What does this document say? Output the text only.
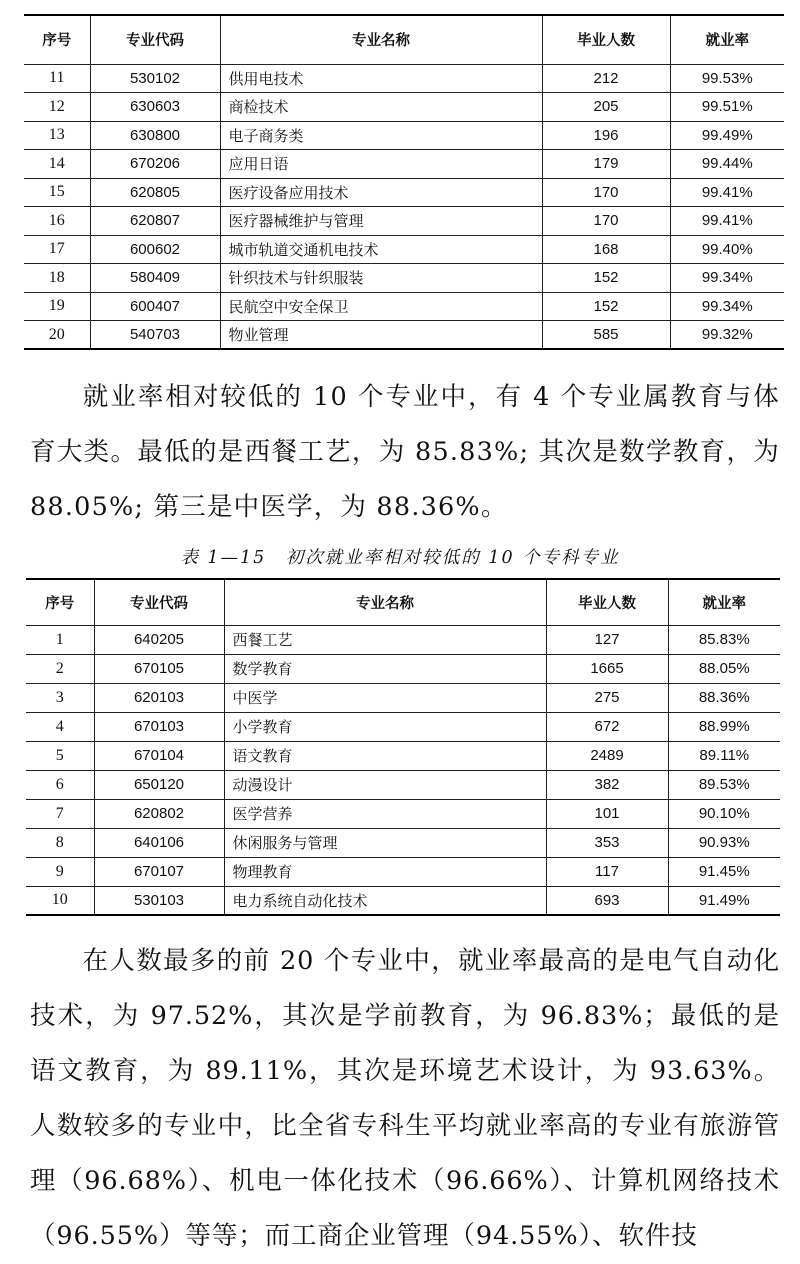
序号	专业代码	专业名称	毕业人数	就业率
11	530102	供用电技术	212	99.53%
12	630603	商检技术	205	99.51%
13	630800	电子商务类	196	99.49%
14	670206	应用日语	179	99.44%
15	620805	医疗设备应用技术	170	99.41%
16	620807	医疗器械维护与管理	170	99.41%
17	600602	城市轨道交通机电技术	168	99.40%
18	580409	针织技术与针织服装	152	99.34%
19	600407	民航空中安全保卫	152	99.34%
20	540703	物业管理	585	99.32%

就业率相对较低的 10 个专业中，有 4 个专业属教育与体育大类。最低的是西餐工艺，为 85.83%; 其次是数学教育，为 88.05%; 第三是中医学，为 88.36%。

表 1—15　初次就业率相对较低的 10 个专科专业
序号	专业代码	专业名称	毕业人数	就业率
1	640205	西餐工艺	127	85.83%
2	670105	数学教育	1665	88.05%
3	620103	中医学	275	88.36%
4	670103	小学教育	672	88.99%
5	670104	语文教育	2489	89.11%
6	650120	动漫设计	382	89.53%
7	620802	医学营养	101	90.10%
8	640106	休闲服务与管理	353	90.93%
9	670107	物理教育	117	91.45%
10	530103	电力系统自动化技术	693	91.49%

在人数最多的前 20 个专业中，就业率最高的是电气自动化技术，为 97.52%，其次是学前教育，为 96.83%；最低的是语文教育，为 89.11%，其次是环境艺术设计，为 93.63%。人数较多的专业中，比全省专科生平均就业率高的专业有旅游管理（96.68%）、机电一体化技术（96.66%）、计算机网络技术（96.55%）等等；而工商企业管理（94.55%）、软件技
